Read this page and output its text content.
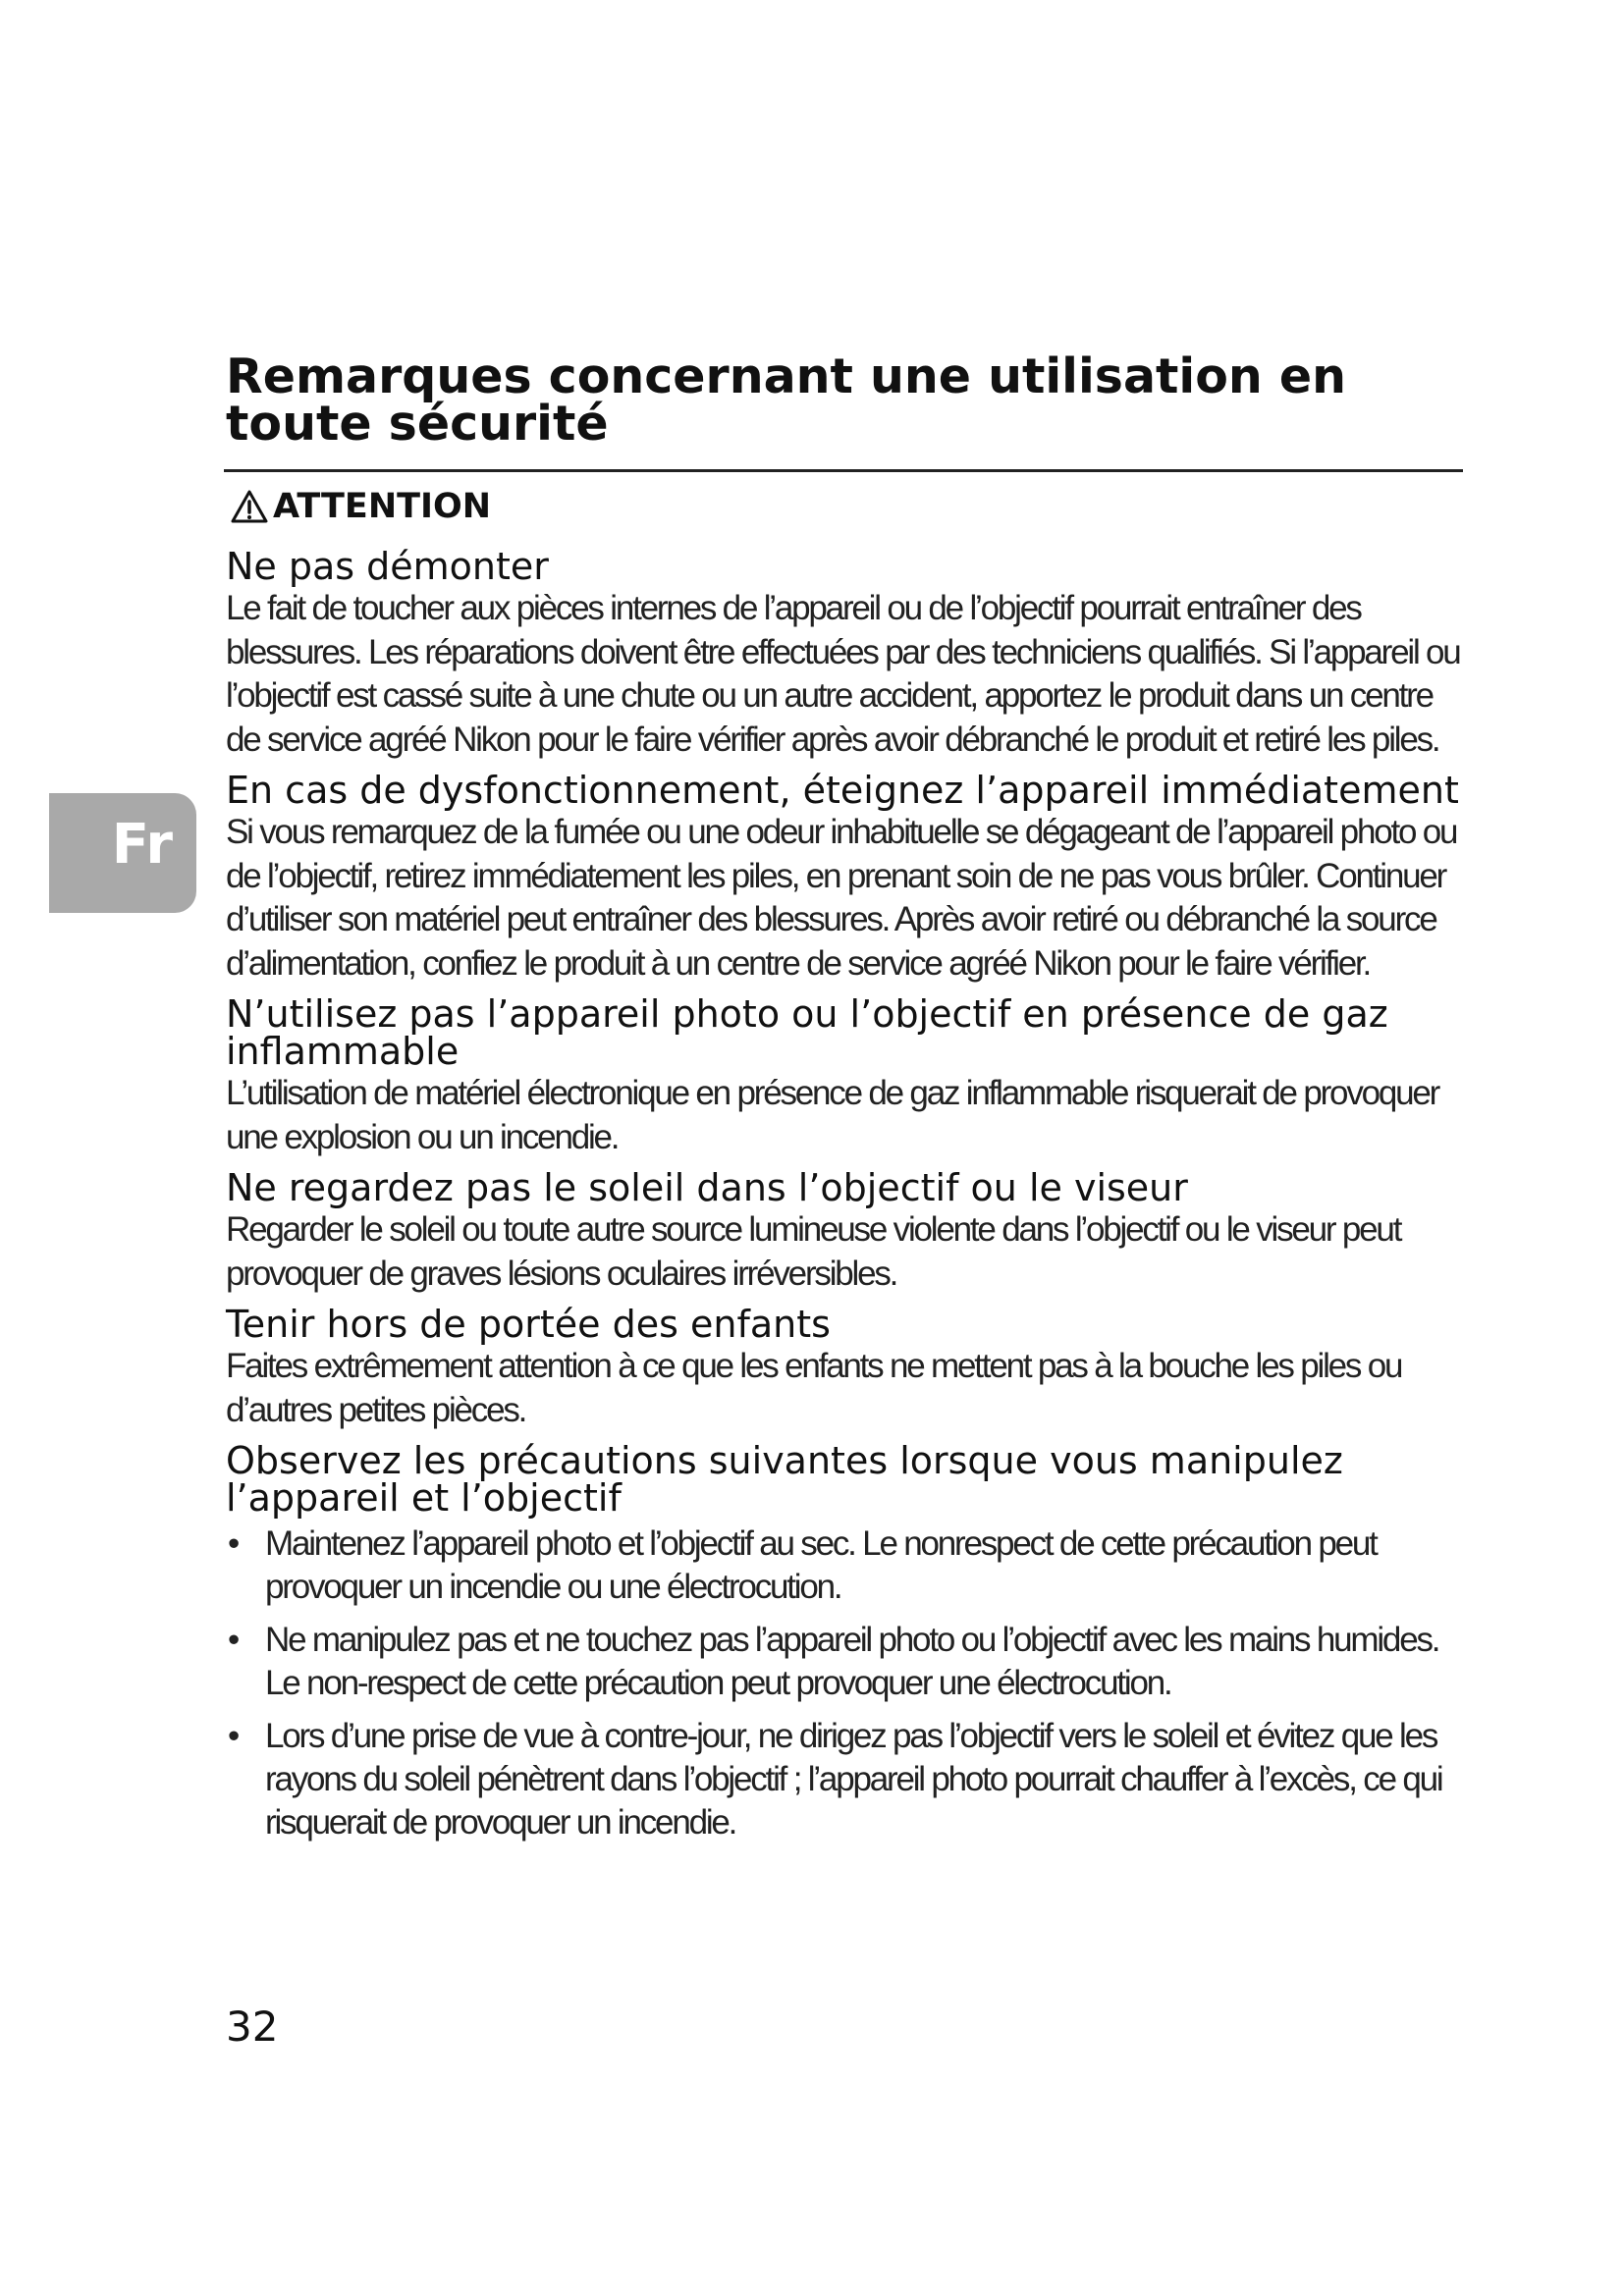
Remarques concernant une utilisation en toute sécurité
ATTENTION
Fr
Ne pas démonter

Le fait de toucher aux pièces internes de l’appareil ou de l’objectif pourrait entraîner des blessures. Les réparations doivent être effectuées par des techniciens qualifiés. Si l’appareil ou l’objectif est cassé suite à une chute ou un autre accident, apportez le produit dans un centre de service agréé Nikon pour le faire vérifier après avoir débranché le produit et retiré les piles.

En cas de dysfonctionnement, éteignez l’appareil immédiatement

Si vous remarquez de la fumée ou une odeur inhabituelle se dégageant de l’appareil photo ou de l’objectif, retirez immédiatement les piles, en prenant soin de ne pas vous brûler. Continuer d’utiliser son matériel peut entraîner des blessures. Après avoir retiré ou débranché la source d’alimentation, confiez le produit à un centre de service agréé Nikon pour le faire vérifier.

N’utilisez pas l’appareil photo ou l’objectif en présence de gaz inflammable

L’utilisation de matériel électronique en présence de gaz inflammable risquerait de provoquer une explosion ou un incendie.

Ne regardez pas le soleil dans l’objectif ou le viseur

Regarder le soleil ou toute autre source lumineuse violente dans l’objectif ou le viseur peut provoquer de graves lésions oculaires irréversibles.

Tenir hors de portée des enfants

Faites extrêmement attention à ce que les enfants ne mettent pas à la bouche les piles ou d’autres petites pièces.

Observez les précautions suivantes lorsque vous manipulez l’appareil et l’objectif
• Maintenez l’appareil photo et l’objectif au sec. Le nonrespect de cette précaution peut provoquer un incendie ou une électrocution.
• Ne manipulez pas et ne touchez pas l’appareil photo ou l’objectif avec les mains humides. Le non-respect de cette précaution peut provoquer une électrocution.
• Lors d’une prise de vue à contre-jour, ne dirigez pas l’objectif vers le soleil et évitez que les rayons du soleil pénètrent dans l’objectif ; l’appareil photo pourrait chauffer à l’excès, ce qui risquerait de provoquer un incendie.
32
